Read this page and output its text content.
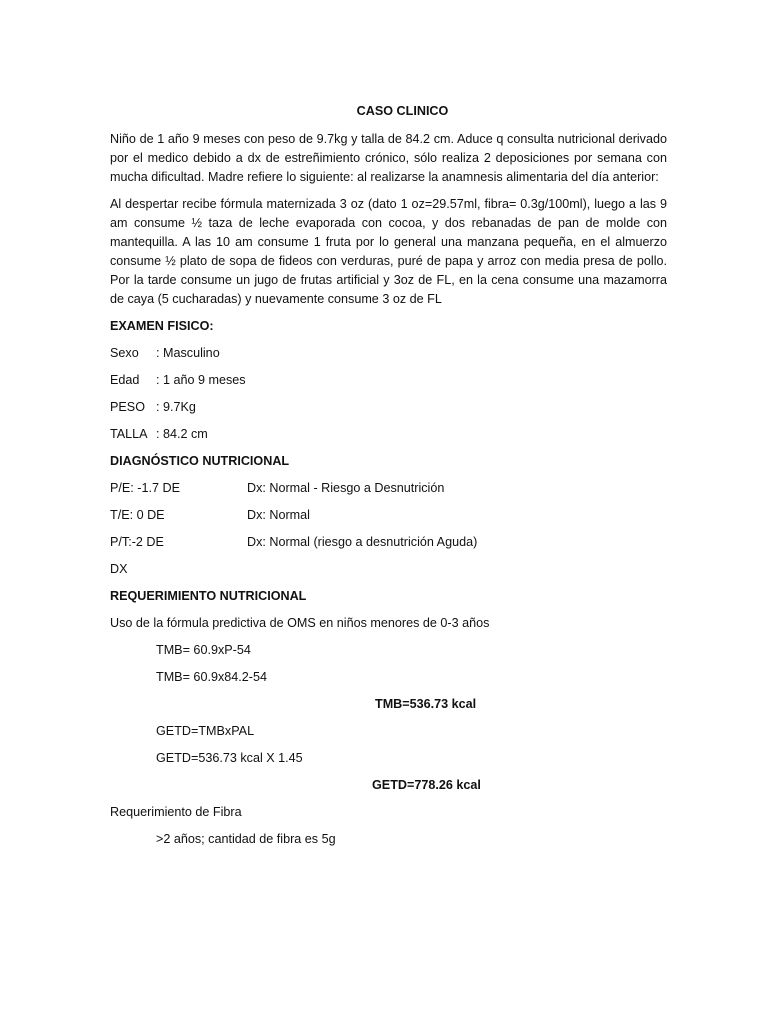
CASO CLINICO

Niño de 1 año 9 meses con peso de 9.7kg y talla de 84.2 cm. Aduce q consulta nutricional derivado por el medico debido a dx de estreñimiento crónico, sólo realiza 2 deposiciones por semana con mucha dificultad. Madre refiere lo siguiente: al realizarse la anamnesis alimentaria del día anterior:

Al despertar recibe fórmula maternizada 3 oz (dato 1 oz=29.57ml, fibra= 0.3g/100ml), luego a las 9 am consume ½ taza de leche evaporada con cocoa, y dos rebanadas de pan de molde con mantequilla. A las 10 am consume 1 fruta por lo general una manzana pequeña, en el almuerzo consume ½ plato de sopa de fideos con verduras, puré de papa y arroz con media presa de pollo. Por la tarde consume un jugo de frutas artificial y 3oz de FL, en la cena consume una mazamorra de caya (5 cucharadas) y nuevamente consume 3 oz de FL

EXAMEN FISICO:
Sexo : Masculino
Edad : 1 año 9 meses
PESO : 9.7Kg
TALLA : 84.2 cm
DIAGNÓSTICO NUTRICIONAL
P/E: -1.7 DE	Dx: Normal - Riesgo a Desnutrición
T/E: 0 DE	Dx: Normal
P/T:-2 DE	Dx: Normal (riesgo a desnutrición Aguda)
DX
REQUERIMIENTO NUTRICIONAL
Uso de la fórmula predictiva de OMS en niños menores de 0-3 años
TMB= 60.9xP-54
TMB= 60.9x84.2-54
TMB=536.73 kcal
GETD=TMBxPAL
GETD=536.73 kcal X 1.45
GETD=778.26 kcal
Requerimiento de Fibra
>2 años; cantidad de fibra es 5g
